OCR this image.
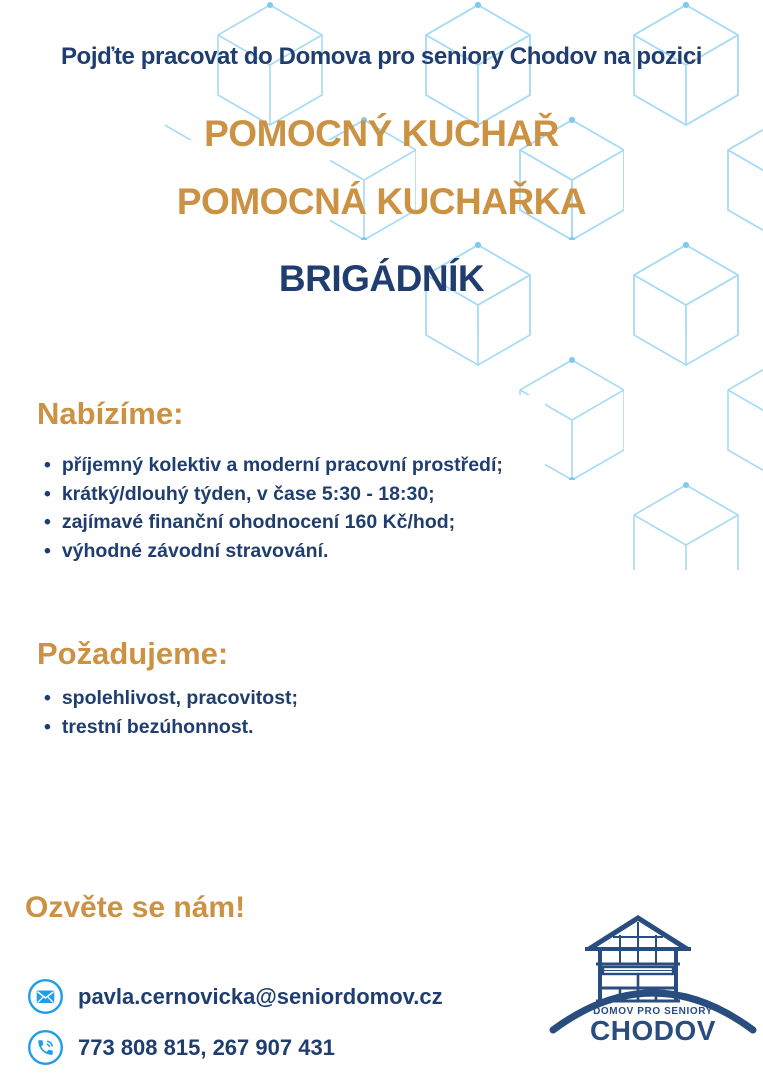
Pojďte pracovat do Domova pro seniory Chodov na pozici
POMOCNÝ KUCHAŘ
POMOCNÁ KUCHAŘKA
BRIGÁDNÍK
Nabízíme:
• příjemný kolektiv a moderní pracovní prostředí;
• krátký/dlouhý týden, v čase 5:30 - 18:30;
• zajímavé finanční ohodnocení 160 Kč/hod;
• výhodné závodní stravování.
Požadujeme:
• spolehlivost, pracovitost;
• trestní bezúhonnost.
Ozvěte se nám!
pavla.cernovicka@seniordomov.cz
773 808 815, 267 907 431
DOMOV PRO SENIORY
CHODOV
